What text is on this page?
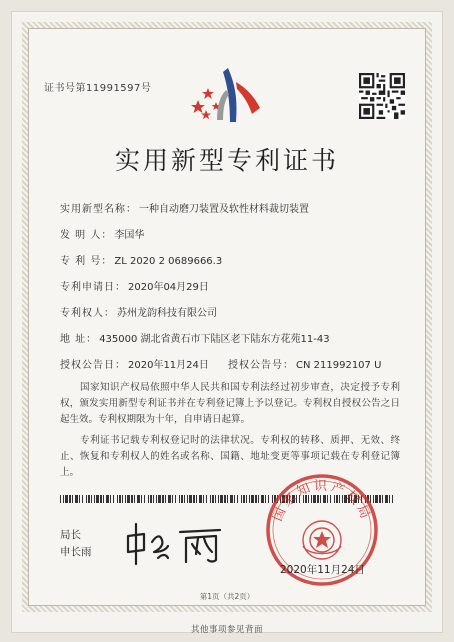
证书号第11991597号
实用新型专利证书
实用新型名称： 一种自动磨刀装置及软性材料裁切装置
发 明 人： 李国华
专 利 号： ZL 2020 2 0689666.3
专利申请日： 2020年04月29日
专利权人： 苏州龙韵科技有限公司
地 址： 435000 湖北省黄石市下陆区老下陆东方花苑11-43
授权公告日： 2020年11月24日 授权公告号： CN 211992107 U
国家知识产权局依照中华人民共和国专利法经过初步审查，决定授予专利权，颁发实用新型专利证书并在专利登记簿上予以登记。专利权自授权公告之日起生效。专利权期限为十年，自申请日起算。
专利证书记载专利权登记时的法律状况。专利权的转移、质押、无效、终止、恢复和专利权人的姓名或名称、国籍、地址变更等事项记载在专利登记簿上。
局长
申长雨
国家知识产权局
2020年11月24日
第1页（共2页）
其他事项参见背面
